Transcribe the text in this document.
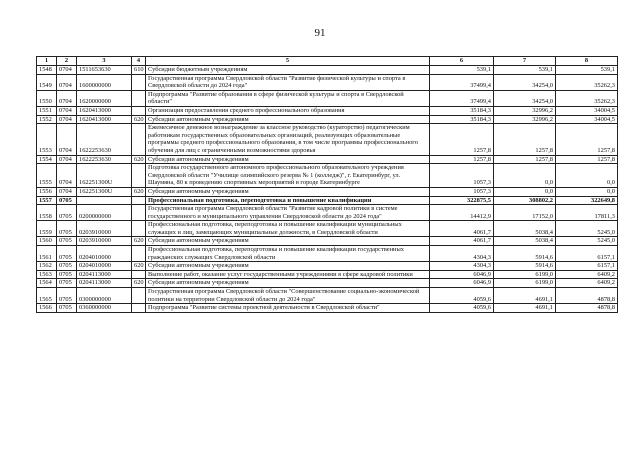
91
1	2	3	4	5	6	7	8
1548	0704	1511653630	610	Субсидии бюджетным учреждениям	539,1	539,1	539,1
1549	0704	1600000000		Государственная программа Свердловской области "Развитие физической культуры и спорта в Свердловской области до 2024 года"	37499,4	34254,0	35262,3
1550	0704	1620000000		Подпрограмма "Развитие образования в сфере физической культуры и спорта в Свердловской области"	37499,4	34254,0	35262,3
1551	0704	1620413000		Организация предоставления среднего профессионального образования	35184,3	32996,2	34004,5
1552	0704	1620413000	620	Субсидии автономным учреждениям	35184,3	32996,2	34004,5
1553	0704	1622253630		Ежемесячное денежное вознаграждение за классное руководство (кураторство) педагогическим работникам государственных образовательных организаций, реализующих образовательные программы среднего профессионального образования, в том числе программы профессионального обучения для лиц с ограниченными возможностями здоровья	1257,8	1257,8	1257,8
1554	0704	1622253630	620	Субсидии автономным учреждениям	1257,8	1257,8	1257,8
1555	0704	162251300U		Подготовка государственного автономного профессионального образовательного учреждения Свердловской области "Училище олимпийского резерва № 1 (колледж)", г. Екатеринбург, ул. Шаумяна, 80 к проведению спортивных мероприятий в городе Екатеринбурге	1057,3	0,0	0,0
1556	0704	162251300U	620	Субсидии автономным учреждениям	1057,3	0,0	0,0
1557	0705			Профессиональная подготовка, переподготовка и повышение квалификации	322875,5	308802,2	322649,8
1558	0705	0200000000		Государственная программа Свердловской области "Развитие кадровой политики в системе государственного и муниципального управления Свердловской области до 2024 года"	14412,9	17152,0	17811,3
1559	0705	0203910000		Профессиональная подготовка, переподготовка и повышение квалификации муниципальных служащих и лиц, замещающих муниципальные должности, в Свердловской области	4061,7	5038,4	5245,0
1560	0705	0203910000	620	Субсидии автономным учреждениям	4061,7	5038,4	5245,0
1561	0705	0204010000		Профессиональная подготовка, переподготовка и повышение квалификации государственных гражданских служащих Свердловской области	4304,3	5914,6	6157,1
1562	0705	0204010000	620	Субсидии автономным учреждениям	4304,3	5914,6	6157,1
1563	0705	0204113000		Выполнение работ, оказание услуг государственными учреждениями в сфере кадровой политики	6046,9	6199,0	6409,2
1564	0705	0204113000	620	Субсидии автономным учреждениям	6046,9	6199,0	6409,2
1565	0705	0300000000		Государственная программа Свердловской области "Совершенствование социально-экономической политики на территории Свердловской области до 2024 года"	4059,6	4691,1	4878,8
1566	0705	0360000000		Подпрограмма "Развитие системы проектной деятельности в Свердловской области"	4059,6	4691,1	4878,8
